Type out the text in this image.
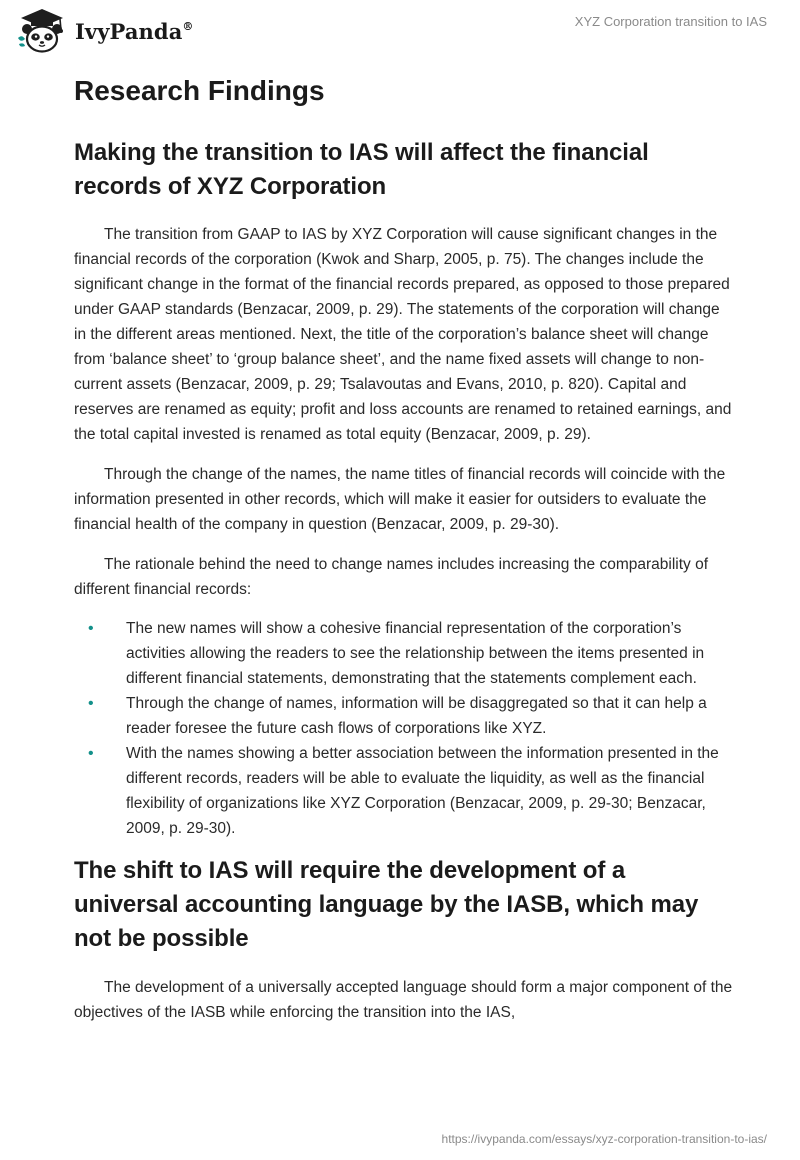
IvyPanda®	XYZ Corporation transition to IAS
Research Findings
Making the transition to IAS will affect the financial records of XYZ Corporation

The transition from GAAP to IAS by XYZ Corporation will cause significant changes in the financial records of the corporation (Kwok and Sharp, 2005, p. 75). The changes include the significant change in the format of the financial records prepared, as opposed to those prepared under GAAP standards (Benzacar, 2009, p. 29). The statements of the corporation will change in the different areas mentioned. Next, the title of the corporation’s balance sheet will change from ‘balance sheet’ to ‘group balance sheet’, and the name fixed assets will change to non-current assets (Benzacar, 2009, p. 29; Tsalavoutas and Evans, 2010, p. 820). Capital and reserves are renamed as equity; profit and loss accounts are renamed to retained earnings, and the total capital invested is renamed as total equity (Benzacar, 2009, p. 29).

Through the change of the names, the name titles of financial records will coincide with the information presented in other records, which will make it easier for outsiders to evaluate the financial health of the company in question (Benzacar, 2009, p. 29-30).

The rationale behind the need to change names includes increasing the comparability of different financial records:

• The new names will show a cohesive financial representation of the corporation’s activities allowing the readers to see the relationship between the items presented in different financial statements, demonstrating that the statements complement each.
• Through the change of names, information will be disaggregated so that it can help a reader foresee the future cash flows of corporations like XYZ.
• With the names showing a better association between the information presented in the different records, readers will be able to evaluate the liquidity, as well as the financial flexibility of organizations like XYZ Corporation (Benzacar, 2009, p. 29-30; Benzacar, 2009, p. 29-30).
The shift to IAS will require the development of a universal accounting language by the IASB, which may not be possible

The development of a universally accepted language should form a major component of the objectives of the IASB while enforcing the transition into the IAS,

https://ivypanda.com/essays/xyz-corporation-transition-to-ias/
